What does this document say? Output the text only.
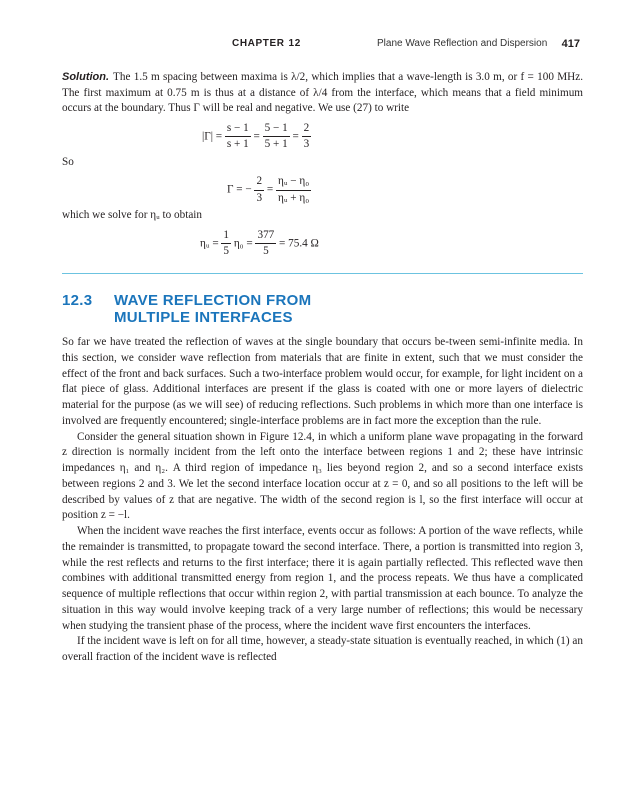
CHAPTER 12	Plane Wave Reflection and Dispersion 417

Solution. The 1.5 m spacing between maxima is λ/2, which implies that a wave-length is 3.0 m, or f = 100 MHz. The first maximum at 0.75 m is thus at a distance of λ/4 from the interface, which means that a field minimum occurs at the boundary. Thus Γ will be real and negative. We use (27) to write

$|\Gamma| = \frac{s - 1}{s + 1} = \frac{5 - 1}{5 + 1} = \frac{2}{3}$

So

Γ = − $\frac{2}{3} = \frac{\text{ηᵤ − η₀}}{\text{ηᵤ + η₀}}$

which we solve for ηᵤ to obtain

ηᵤ = $\frac{1}{5} \eta_0 = \frac{377}{5} = 75.4$ Ω
12.3 WAVE REFLECTION FROM
MULTIPLE INTERFACES

So far we have treated the reflection of waves at the single boundary that occurs be-tween semi-infinite media. In this section, we consider wave reflection from materials that are finite in extent, such that we must consider the effect of the front and back surfaces. Such a two-interface problem would occur, for example, for light incident on a flat piece of glass. Additional interfaces are present if the glass is coated with one or more layers of dielectric material for the purpose (as we will see) of reducing reflections. Such problems in which more than one interface is involved are frequently encountered; single-interface problems are in fact more the exception than the rule.

Consider the general situation shown in Figure 12.4, in which a uniform plane wave propagating in the forward z direction is normally incident from the left onto the interface between regions 1 and 2; these have intrinsic impedances η₁ and η₂. A third region of impedance η₃ lies beyond region 2, and so a second interface exists between regions 2 and 3. We let the second interface location occur at z = 0, and so all positions to the left will be described by values of z that are negative. The width of the second region is l, so the first interface will occur at position z = −l.

When the incident wave reaches the first interface, events occur as follows: A portion of the wave reflects, while the remainder is transmitted, to propagate toward the second interface. There, a portion is transmitted into region 3, while the rest reflects and returns to the first interface; there it is again partially reflected. This reflected wave then combines with additional transmitted energy from region 1, and the process repeats. We thus have a complicated sequence of multiple reflections that occur within region 2, with partial transmission at each bounce. To analyze the situation in this way would involve keeping track of a very large number of reflections; this would be necessary when studying the transient phase of the process, where the incident wave first encounters the interfaces.

If the incident wave is left on for all time, however, a steady-state situation is eventually reached, in which (1) an overall fraction of the incident wave is reflected
